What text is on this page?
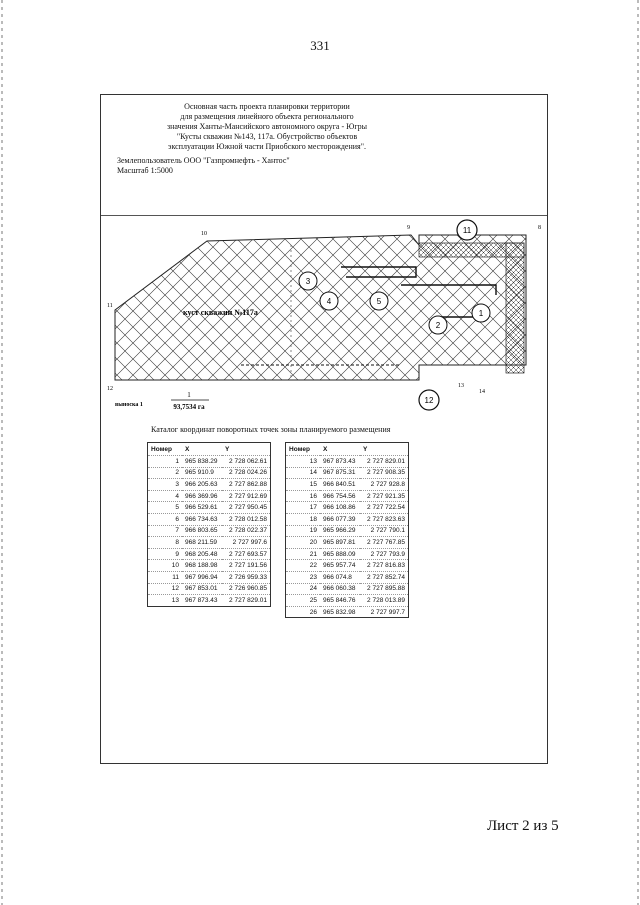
331
Основная часть проекта планировки территории
для размещения линейного объекта регионального
значения Ханты-Мансийского автономного округа - Югры
"Кусты скважин №143, 117а. Обустройство объектов
эксплуатации Южной части Приобского месторождения".
Землепользователь ООО "Газпромнефть - Хантос"
Масштаб 1:5000
куст скважин №117а
8
9
10
11
12	13
14
1
2
3
4	5
11
12
выноска 1
1
93,7534 га
Каталог координат поворотных точек зоны планируемого размещения
Номер	X	Y
1	965 838.29	2 728 062.61
2	965 910.9	2 728 024.26
3	966 205.63	2 727 862.88
4	966 369.96	2 727 912.69
5	966 529.61	2 727 950.45
6	966 734.63	2 728 012.58
7	966 803.65	2 728 022.37
8	968 211.59	2 727 997.6
9	968 205.48	2 727 693.57
10	968 188.98	2 727 191.56
11	967 996.94	2 726 959.33
12	967 853.01	2 726 960.85
13	967 873.43	2 727 829.01
Номер	X	Y
13	967 873.43	2 727 829.01
14	967 875.31	2 727 908.35
15	966 840.51	2 727 928.8
16	966 754.56	2 727 921.35
17	966 108.86	2 727 722.54
18	966 077.39	2 727 823.63
19	965 966.29	2 727 790.1
20	965 897.81	2 727 767.85
21	965 888.09	2 727 793.9
22	965 957.74	2 727 816.83
23	966 074.8	2 727 852.74
24	966 060.38	2 727 895.88
25	965 846.76	2 728 013.89
26	965 832.98	2 727 997.7
Лист 2 из 5
